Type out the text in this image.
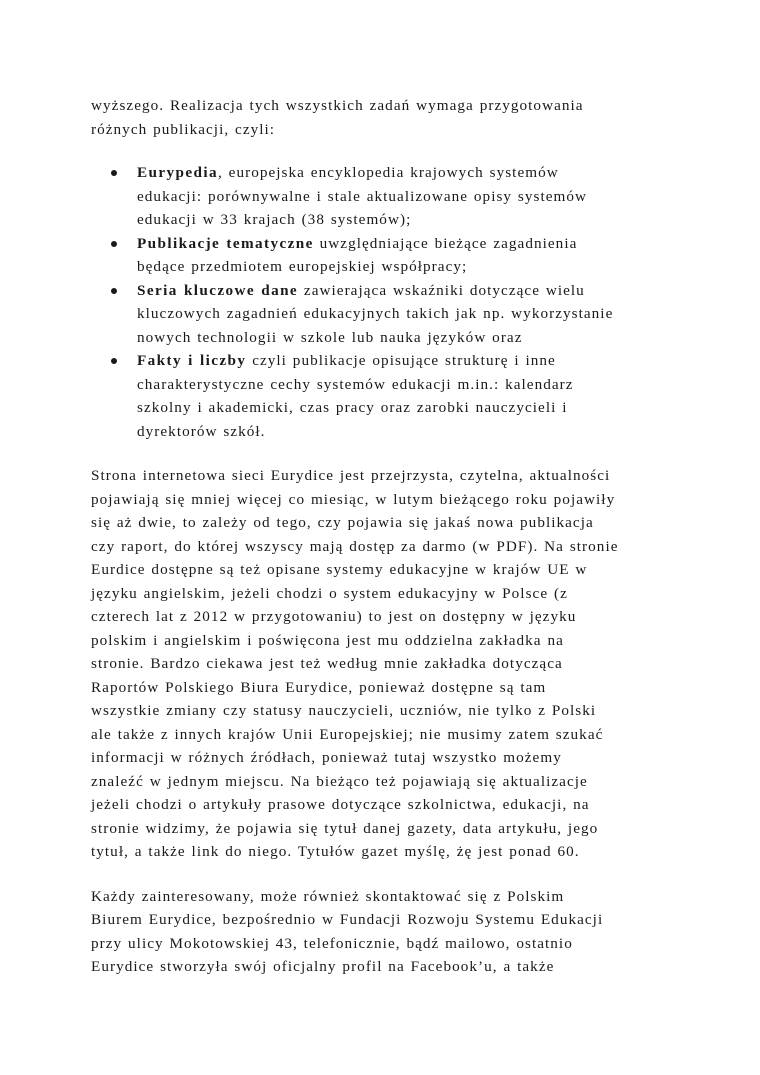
wyższego. Realizacja tych wszystkich zadań wymaga przygotowania
różnych publikacji, czyli:
Eurypedia, europejska encyklopedia krajowych systemów
edukacji: porównywalne i stale aktualizowane opisy systemów
edukacji w 33 krajach (38 systemów);
Publikacje tematyczne uwzględniające bieżące zagadnienia
będące przedmiotem europejskiej współpracy;
Seria kluczowe dane zawierająca wskaźniki dotyczące wielu
kluczowych zagadnień edukacyjnych takich jak np. wykorzystanie
nowych technologii w szkole lub nauka języków oraz
Fakty i liczby czyli publikacje opisujące strukturę i inne
charakterystyczne cechy systemów edukacji m.in.: kalendarz
szkolny i akademicki, czas pracy oraz zarobki nauczycieli i
dyrektorów szkół.
Strona internetowa sieci Eurydice jest przejrzysta, czytelna, aktualności
pojawiają się mniej więcej co miesiąc, w lutym bieżącego roku pojawiły
się aż dwie, to zależy od tego, czy pojawia się jakaś nowa publikacja
czy raport, do której wszyscy mają dostęp za darmo (w PDF). Na stronie
Eurdice dostępne są też opisane systemy edukacyjne w krajów UE w
języku angielskim, jeżeli chodzi o system edukacyjny w Polsce (z
czterech lat z 2012 w przygotowaniu) to jest on dostępny w języku
polskim i angielskim i poświęcona jest mu oddzielna zakładka na
stronie. Bardzo ciekawa jest też według mnie zakładka dotycząca
Raportów Polskiego Biura Eurydice, ponieważ dostępne są tam
wszystkie zmiany czy statusy nauczycieli, uczniów, nie tylko z Polski
ale także z innych krajów Unii Europejskiej; nie musimy zatem szukać
informacji w różnych źródłach, ponieważ tutaj wszystko możemy
znaleźć w jednym miejscu. Na bieżąco też pojawiają się aktualizacje
jeżeli chodzi o artykuły prasowe dotyczące szkolnictwa, edukacji, na
stronie widzimy, że pojawia się tytuł danej gazety, data artykułu, jego
tytuł, a także link do niego. Tytułów gazet myślę, żę jest ponad 60.
Każdy zainteresowany, może również skontaktować się z Polskim
Biurem Eurydice, bezpośrednio w Fundacji Rozwoju Systemu Edukacji
przy ulicy Mokotowskiej 43, telefonicznie, bądź mailowo, ostatnio
Eurydice stworzyła swój oficjalny profil na Facebook’u, a także
